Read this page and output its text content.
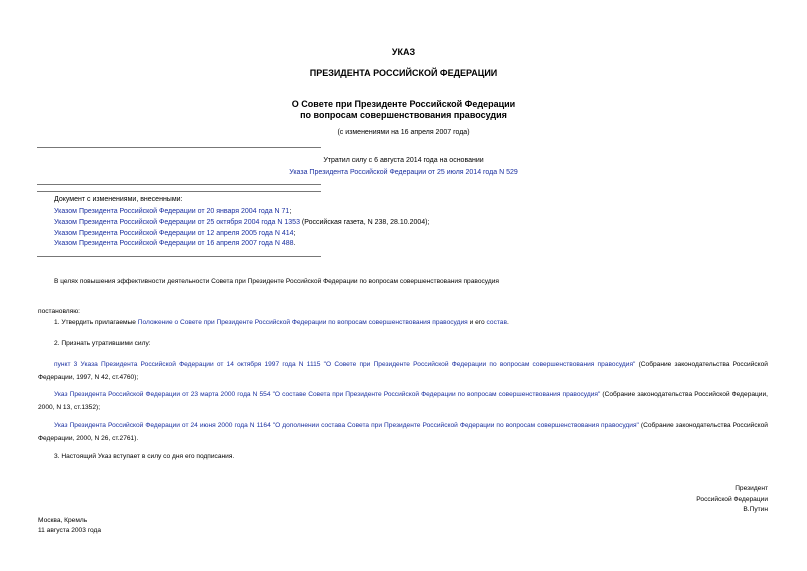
УКАЗ
ПРЕЗИДЕНТА РОССИЙСКОЙ ФЕДЕРАЦИИ
О Совете при Президенте Российской Федерации
по вопросам совершенствования правосудия
(с изменениями на 16 апреля 2007 года)
Утратил силу с 6 августа 2014 года на основании
Указа Президента Российской Федерации от 25 июля 2014 года N 529
Документ с изменениями, внесенными:
Указом Президента Российской Федерации от 20 января 2004 года N 71;
Указом Президента Российской Федерации от 25 октября 2004 года N 1353 (Российская газета, N 238, 28.10.2004);
Указом Президента Российской Федерации от 12 апреля 2005 года N 414;
Указом Президента Российской Федерации от 16 апреля 2007 года N 488.
В целях повышения эффективности деятельности Совета при Президенте Российской Федерации по вопросам совершенствования правосудия
постановляю:
1. Утвердить прилагаемые Положение о Совете при Президенте Российской Федерации по вопросам совершенствования правосудия и его состав.
2. Признать утратившими силу:
пункт 3 Указа Президента Российской Федерации от 14 октября 1997 года N 1115 "О Совете при Президенте Российской Федерации по вопросам совершенствования правосудия" (Собрание законодательства Российской Федерации, 1997, N 42, ст.4760);
Указ Президента Российской Федерации от 23 марта 2000 года N 554 "О составе Совета при Президенте Российской Федерации по вопросам совершенствования правосудия" (Собрание законодательства Российской Федерации, 2000, N 13, ст.1352);
Указ Президента Российской Федерации от 24 июня 2000 года N 1164 "О дополнении состава Совета при Президенте Российской Федерации по вопросам совершенствования правосудия" (Собрание законодательства Российской Федерации, 2000, N 26, ст.2761).
3. Настоящий Указ вступает в силу со дня его подписания.
Президент
Российской Федерации
В.Путин
Москва, Кремль
11 августа 2003 года
